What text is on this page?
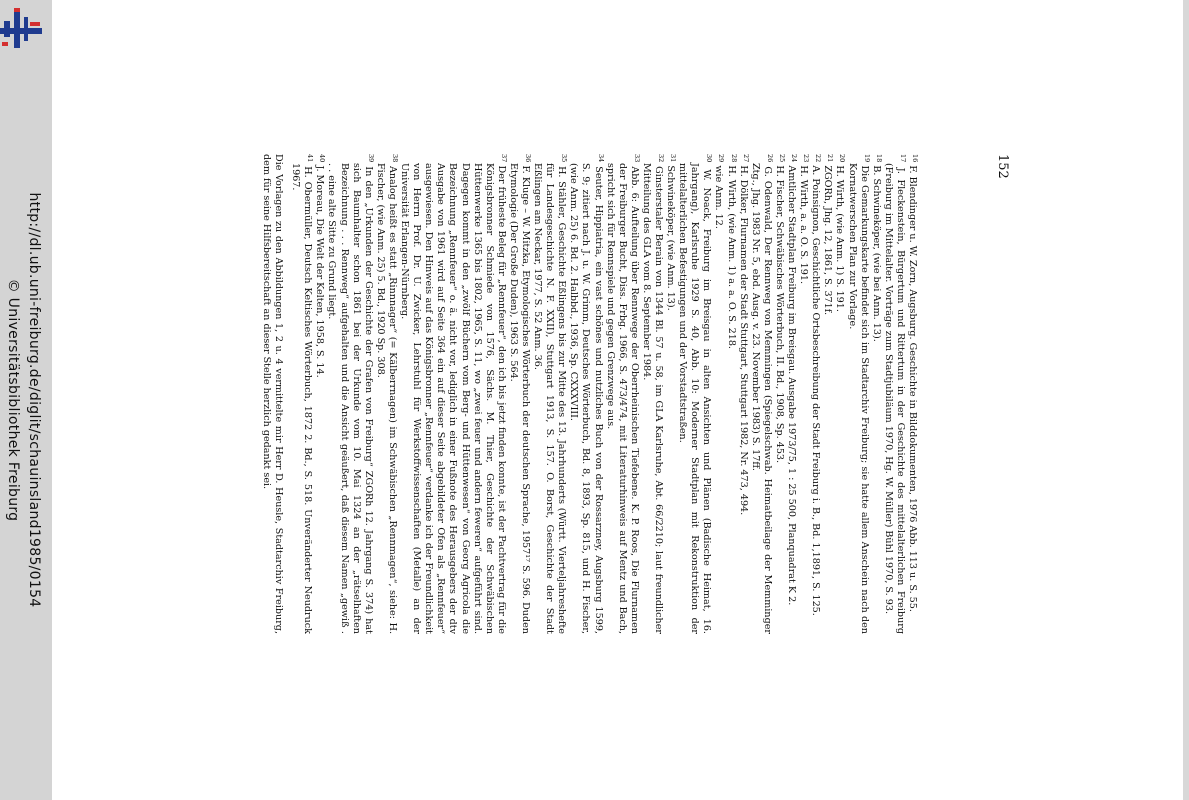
http://dl.ub.uni-freiburg.de/diglit/schauinsland1985/0154
© Universitätsbibliothek Freiburg
152

$^{16}$ F. Blendinger u. W. Zorn, Augsburg. Geschichte in Bilddokumenten, 1976 Abb. 113 u. S. 55.

$^{17}$ J. Fleckenstein, Bürgertum und Rittertum in der Geschichte des mittelalterlichen Freiburg (Freiburg im Mittelalter. Vorträge zum Stadtjubiläum 1970, Hg. W. Müller) Bühl 1970, S. 93.

$^{18}$ B. Schwineköper, (wie bei Anm. 13).

$^{19}$ Die Gemarkungskarte befindet sich im Stadtarchiv Freiburg; sie hatte allem Anschein nach den Kornatwerschen Plan zur Vorlage.

$^{20}$ H. Wirth, (wie Anm. 1) S. 191.

$^{21}$ ZGORh, Jhg. 12, 1861, S. 371f.

$^{22}$ A. Poinsignon, Geschichtliche Ortsbeschreibung der Stadt Freiburg i. B., Bd. 1,1891, S. 125.

$^{23}$ H. Wirth, a. a. O. S. 191.

$^{24}$ Amtlicher Stadtplan Freiburg im Breisgau. Ausgabe 1973/75, 1 : 25 500, Planquadrat K 2.

$^{25}$ H. Fischer, Schwäbisches Wörterbuch, II. Bd., 1908, Sp. 453.

$^{26}$ G. Odenwald, Der Rennweg von Memmingen (Spiegelschwab. Heimatbeilage der Memminger Ztg., Jhg. 1983 Nr. 5, ebd. Ausg. v. 23. November 1983) S. 17ff.

$^{27}$ H. Dölker, Flurnamen der Stadt Stuttgart, Stuttgart 1982, Nr. 473, 494.

$^{28}$ H. Wirth, (wie Anm. 1) a. a. O. S. 218.

$^{29}$ wie Anm. 12.

$^{30}$ W. Noack, Freiburg im Breisgau in alten Ansichten und Plänen (Badische Heimat, 16. Jahrgang), Karlsruhe 1929 S. 40, Abb. 10: Moderner Stadtplan mit Rekonstruktion der mittelalterlichen Befestigungen und der Vorstadtstraßen.

$^{31}$ Schwineköper, (wie Anm. 13).

$^{32}$ Ginsterstaler Berain von 1344 Bl. 57 u. 58, im GLA Karlsruhe, Abt. 66/2210; laut freundlicher Mitteilung des GLA vom 8. September 1984.

$^{33}$ Abb. 6: Aufteilung über Rennwege der Oberrheinischen Tiefebene. K. P. Roos, Die Flurnamen der Freiburger Bucht, Diss. Frbg. 1966, S. 473/474, mit Literaturhinweis auf Mentz und Bach, spricht sich für Rennspiele und gegen Grenzwege aus.

$^{34}$ Seuter, Hippiatria, ein vast schönes und nutzliches Buch von der Rossarzney, Augsburg 1599, S. 9; zitiert nach J. u. W. Grimm, Deutsches Wörterbuch, Bd. 8, 1893, Sp. 815, und H. Fischer, (wie Anm. 25) 6. Bd. 2. Halbbd., 1936, Sp. CXXXVIII.

$^{35}$ H. Stähler, Geschichte Eßlingens bis zur Mitte des 13. Jahrhunderts (Württ. Vierteljahreshefte für Landesgeschichte N. F. XXII), Stuttgart 1913, S. 157. O. Borst, Geschichte der Stadt Eßlingen am Neckar, 1977, S. 52 Anm. 36.

$^{36}$ F. Kluge – W. Mitzka, Etymologisches Wörterbuch der deutschen Sprache, 1957¹⁷ S. 596. Duden Etymologie (Der Große Duden), 1963 S. 564.

$^{37}$ Der früheste Beleg für „Rennfeuer“, den ich bis jetzt finden konnte, ist der Pachtvertrag für die Königsbronner Schmiede von 1576, Sächs. M. Thier, Geschichte der Schwäbischen Hüttenwerke 1365 bis 1802, 1965, S. 11, wo „zwei feuer und andern feweren“ aufgeführt sind. Dagegen kommt in den „zwölf Büchern vom Berg- und Hüttenwesen“ von Georg Agricola die Bezeichnung „Rennfeuer“ o. ä. nicht vor, lediglich in einer Fußnote des Herausgebers der dtv Ausgabe von 1961 wird auf Seite 364 ein auf dieser Seite abgebildeter Ofen als „Rennfeuer“ ausgewiesen. Den Hinweis auf das Königsbronner „Rennfeuer“ verdanke ich der Freundlichkeit von Herrn Prof. Dr. U. Zwicker, Lehrstuhl für Werkstoffwissenschaften (Metalle) an der Universität Erlangen-Nürnberg.

$^{38}$ Analog heißt es statt „Rinnnager“ (= Kälberrnagen) im Schwäbischen „Rennmagen“, siehe: H. Fischer, (wie Anm. 25) 5. Bd., 1920 Sp. 308.

$^{39}$ In den „Urkunden der Geschichte der Grafen von Freiburg“ ZGORh 12. Jahrgang S. 374) hat sich Baumhalter schon 1861 bei der Urkunde vom 10. Mai 1324 an der „rätselhaften Bezeichnung . . . Rennweg“ aufgehalten und die Ansicht geäußert, daß diesem Namen „gewiß . . . eine alte Sitte zu Grund liegt.

$^{40}$ J. Moreau, Die Welt der Kelten, 1958, S. 14.

$^{41}$ H. Obermüller, Deutsch Keltisches Wörterbuch, 1872 2. Bd., S. 518. Unveränderter Neudruck 1967.

Die Vorlagen zu den Abbildungen 1, 2 u. 4 vermittelte mir Herr D. Heusle, Stadtarchiv Freiburg, dem für seine Hilfsbereitschaft an dieser Stelle herzlich gedankt sei.
